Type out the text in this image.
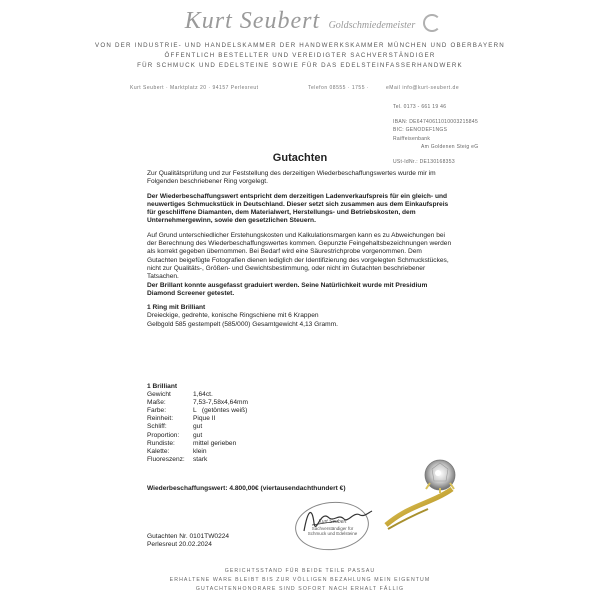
Kurt Seubert Goldschmiedemeister
VON DER INDUSTRIE- UND HANDELSKAMMER DER HANDWERKSKAMMER MÜNCHEN UND OBERBAYERN
ÖFFENTLICH BESTELLTER UND VEREIDIGTER SACHVERSTÄNDIGER
FÜR SCHMUCK UND EDELSTEINE SOWIE FÜR DAS EDELSTEINFASSERHANDWERK
Kurt Seubert · Marktplatz 20 · 94157 Perlesreut	Telefon 08555 · 1755 ·	eMail info@kurt-seubert.de
Tel. 0173 - 661 19 46
IBAN: DE64740611010003215845
BIC: GENODEF1NGS
Raiffeisenbank
Am Goldenen Steig eG
USt-IdNr.: DE130168353
Gutachten

Zur Qualitätsprüfung und zur Feststellung des derzeitigen Wiederbeschaffungswertes wurde mir im Folgenden beschriebener Ring vorgelegt.

Der Wiederbeschaffungswert entspricht dem derzeitigen Ladenverkaufspreis für ein gleich- und neuwertiges Schmuckstück in Deutschland. Dieser setzt sich zusammen aus dem Einkaufspreis für geschliffene Diamanten, dem Materialwert, Herstellungs- und Betriebskosten, dem Unternehmergewinn, sowie den gesetzlichen Steuern.

Auf Grund unterschiedlicher Erstehungskosten und Kalkulationsmargen kann es zu Abweichungen bei der Berechnung des Wiederbeschaffungswertes kommen. Gepunzte Feingehaltsbezeichnungen werden als korrekt gegeben übernommen. Bei Bedarf wird eine Säurestrichprobe vorgenommen. Dem Gutachten beigefügte Fotografien dienen lediglich der Identifizierung des vorgelegten Schmuckstückes, nicht zur Qualitäts-, Größen- und Gewichtsbestimmung, oder nicht im Gutachten beschriebener Tatsachen.

Der Brillant konnte ausgefasst graduiert werden. Seine Natürlichkeit wurde mit Presidium Diamond Screener getestet.

1 Ring mit Brilliant
Dreieckige, gedrehte, konische Ringschiene mit 6 Krappen
Gelbgold 585 gestempelt (585/000) Gesamtgewicht 4,13 Gramm.
1 Brilliant
Gewicht	1,64ct.
Maße:	7,53-7,58x4,64mm
Farbe:	L   (getöntes weiß)
Reinheit:	Pique II
Schliff:	gut
Proportion:	gut
Rundiste:	mittel gerieben
Kalette:	klein
Fluoreszenz:	stark
Wiederbeschaffungswert: 4.800,00€ (viertausendachthundert €)
Gutachten Nr. 0101TW0224
Perlesreut 20.02.2024
Kurt Seubert
Sachverständiger für
Schmuck und Edelsteine
GERICHTSSTAND FÜR BEIDE TEILE PASSAU
ERHALTENE WARE BLEIBT BIS ZUR VÖLLIGEN BEZAHLUNG MEIN EIGENTUM
GUTACHTENHONORARE SIND SOFORT NACH ERHALT FÄLLIG
